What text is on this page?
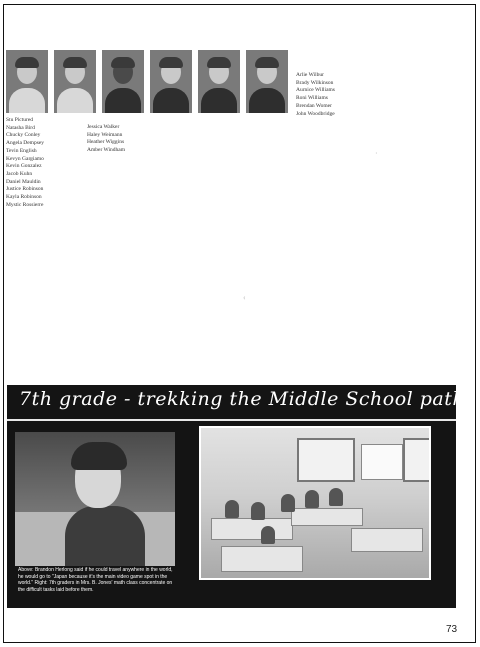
Stu Pictured
Natasha Bird
Chucky Conley
Angela Dempsey
Tevin English
Kevyn Gargiamo
Kevin Gonzalez
Jacob Kuhn
Daniel Mauldin
Justice Robinson
Kayla Robinson
Mystic Rossierre
Jessica Walker
Haley Weimann
Heather Wiggins
Amber Windham
Arlie Wilbur
Brady Wilkinson
Aurnice Williams
Roni Williams
Brendan Womer
John Woodbridge
·
‹
7th grade - trekking the Middle School path
Above: Brandon Herlong said if he could travel anywhere in the world, he would go to "Japan because it's the main video game spot in the world." Right: 7th graders in Mrs. B. Jones' math class concentrate on the difficult tasks laid before them.
73
